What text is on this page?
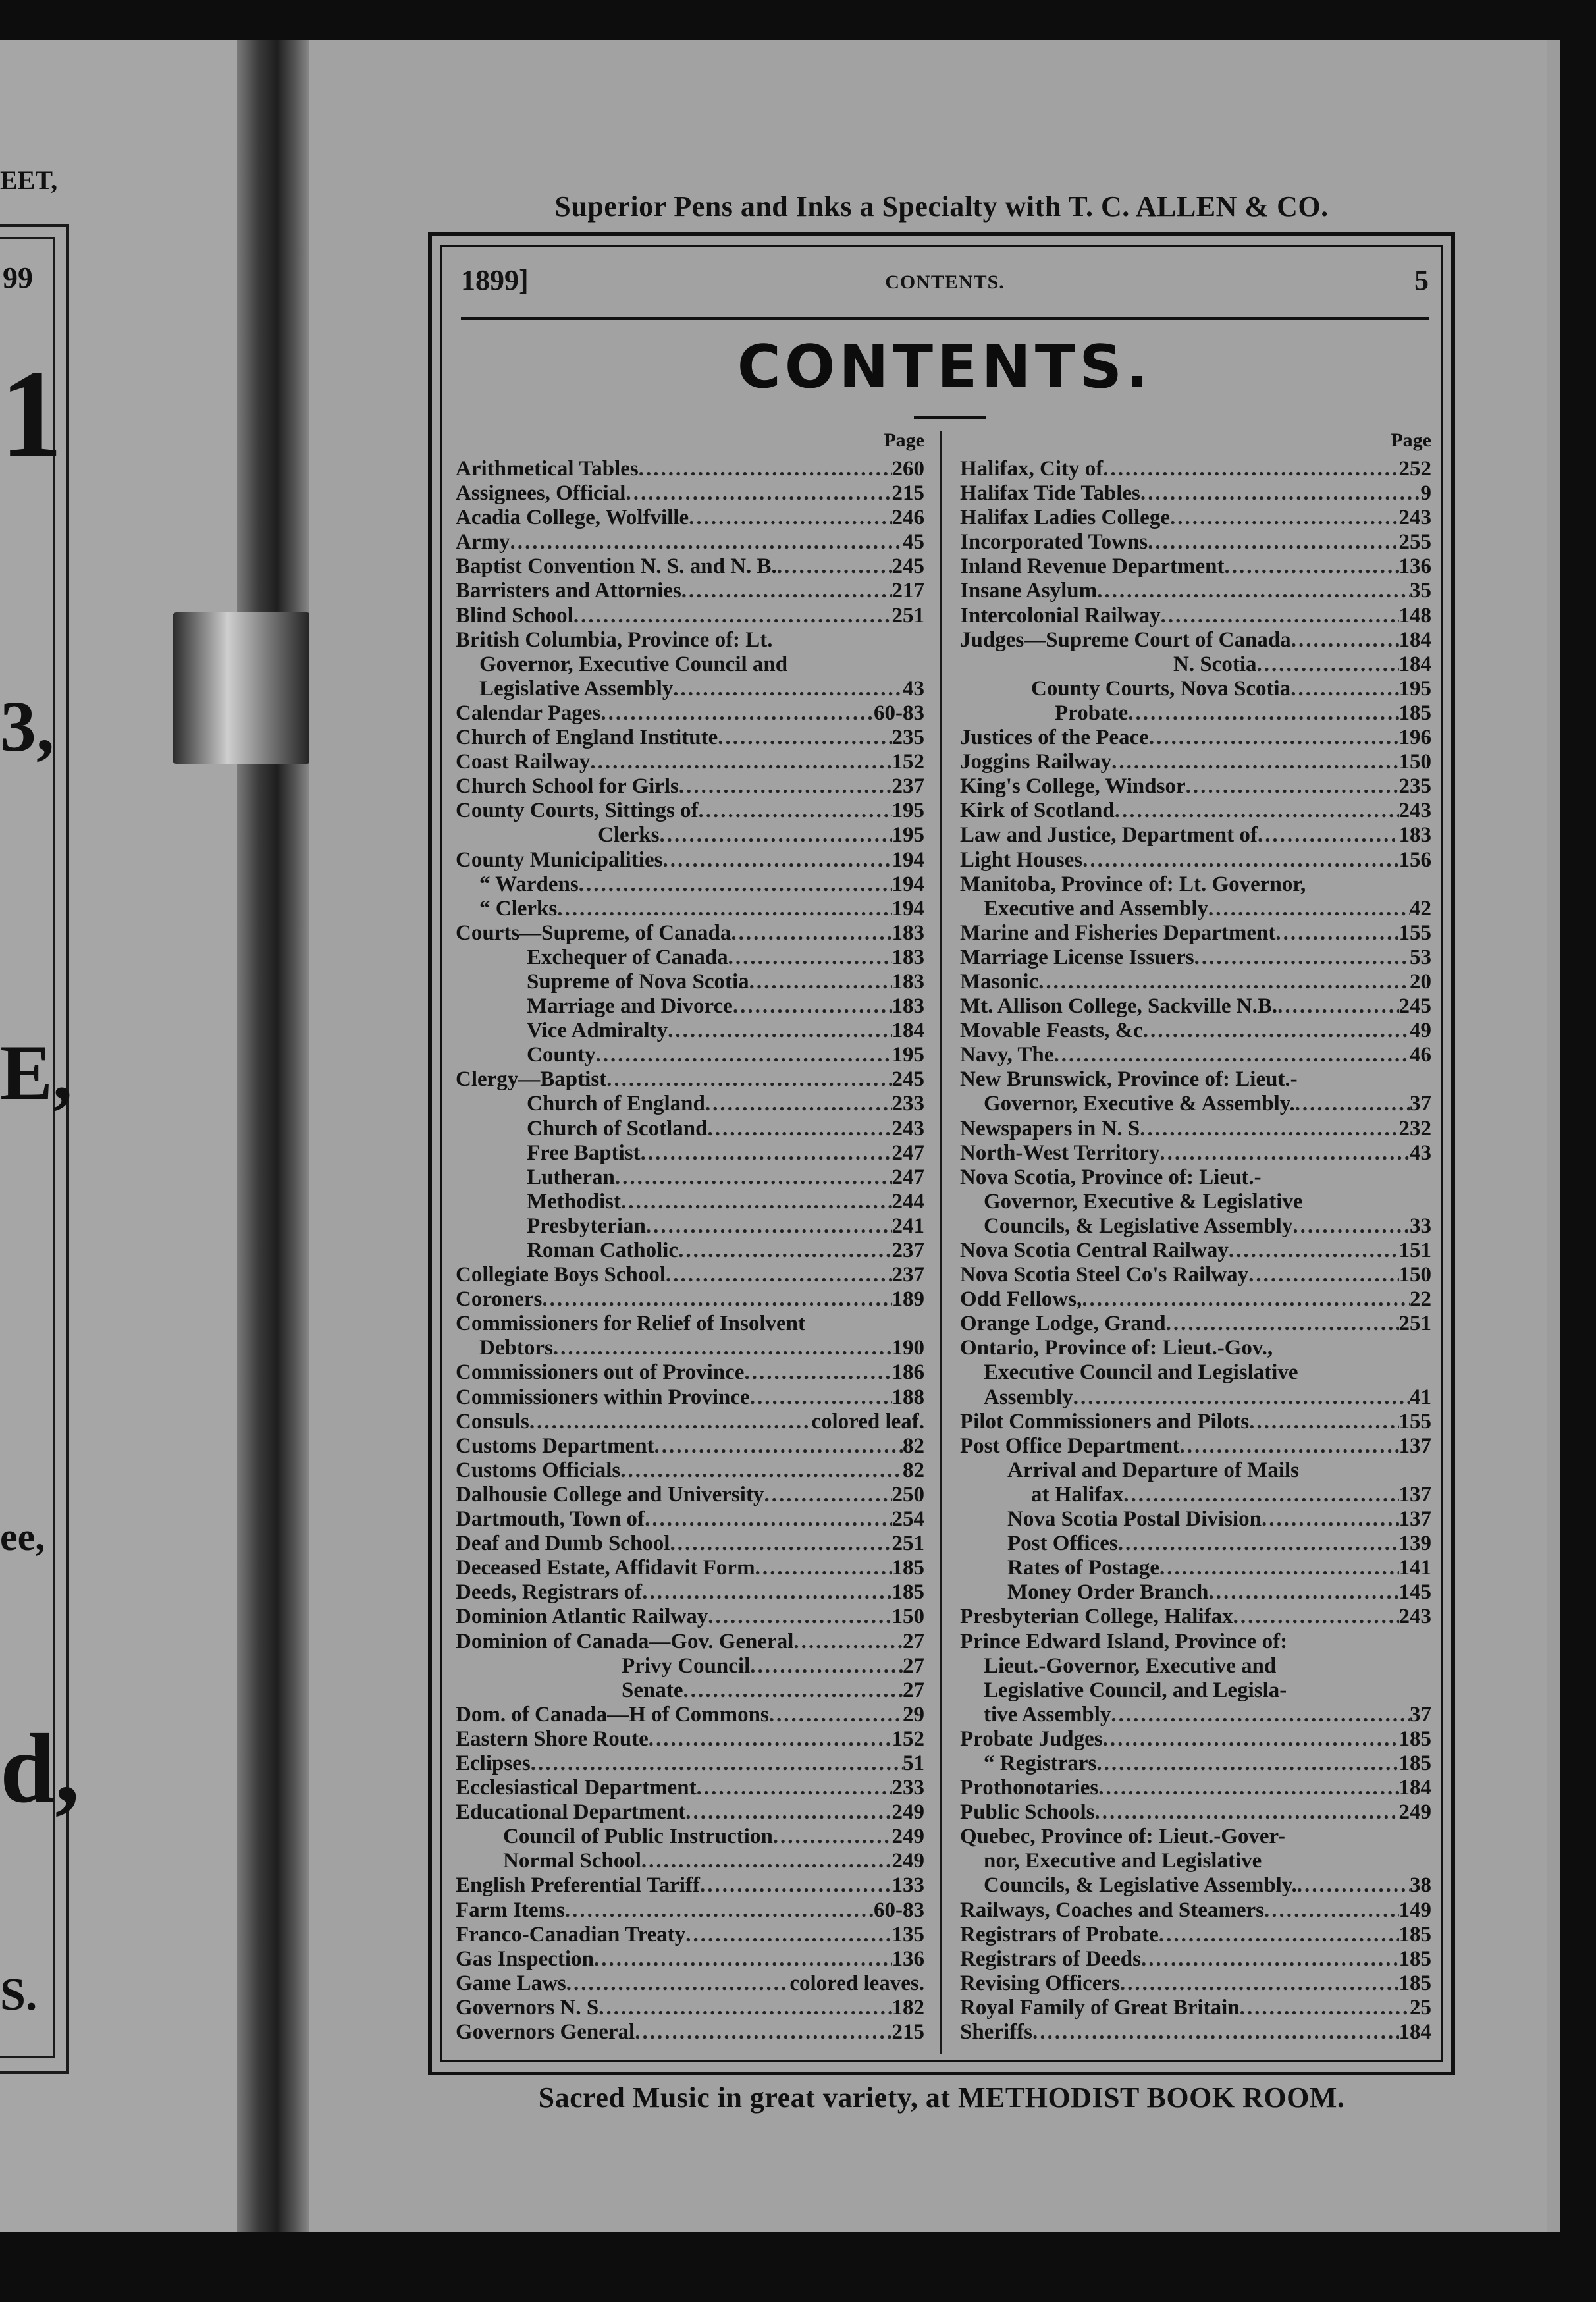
EET,
99
1
3,
E,
ee,
d,
S.
Superior Pens and Inks a Specialty with T. C. ALLEN & CO.
1899]	CONTENTS.	5
CONTENTS.
Page
Arithmetical Tables .....	260
Assignees, Official .....	215
Acadia College, Wolfville .....	246
Army .....	45
Baptist Convention N. S. and N. B. .....	245
Barristers and Attornies .....	217
Blind School .....	251
British Columbia, Province of: Lt.
Governor, Executive Council and
Legislative Assembly .....	43
Calendar Pages .....	60-83
Church of England Institute .....	235
Coast Railway .....	152
Church School for Girls .....	237
County Courts, Sittings of .....	195
Clerks .....	195
County Municipalities .....	194
“ Wardens .....	194
“ Clerks .....	194
Courts—Supreme, of Canada .....	183
Exchequer of Canada .....	183
Supreme of Nova Scotia .....	183
Marriage and Divorce .....	183
Vice Admiralty .....	184
County .....	195
Clergy—Baptist .....	245
Church of England .....	233
Church of Scotland .....	243
Free Baptist .....	247
Lutheran .....	247
Methodist .....	244
Presbyterian .....	241
Roman Catholic .....	237
Collegiate Boys School .....	237
Coroners .....	189
Commissioners for Relief of Insolvent
Debtors .....	190
Commissioners out of Province .....	186
Commissioners within Province .....	188
Consuls .....	colored leaf.
Customs Department .....	82
Customs Officials .....	82
Dalhousie College and University .....	250
Dartmouth, Town of .....	254
Deaf and Dumb School .....	251
Deceased Estate, Affidavit Form .....	185
Deeds, Registrars of .....	185
Dominion Atlantic Railway .....	150
Dominion of Canada—Gov. General .....	27
Privy Council .....	27
Senate .....	27
Dom. of Canada—H of Commons .....	29
Eastern Shore Route .....	152
Eclipses .....	51
Ecclesiastical Department .....	233
Educational Department .....	249
Council of Public Instruction .....	249
Normal School .....	249
English Preferential Tariff .....	133
Farm Items .....	60-83
Franco-Canadian Treaty .....	135
Gas Inspection .....	136
Game Laws .....	colored leaves.
Governors N. S .....	182
Governors General .....	215
Page
Halifax, City of .....	252
Halifax Tide Tables .....	9
Halifax Ladies College .....	243
Incorporated Towns .....	255
Inland Revenue Department .....	136
Insane Asylum .....	35
Intercolonial Railway .....	148
Judges—Supreme Court of Canada .....	184
N. Scotia .....	184
County Courts, Nova Scotia .....	195
Probate .....	185
Justices of the Peace .....	196
Joggins Railway .....	150
King's College, Windsor .....	235
Kirk of Scotland .....	243
Law and Justice, Department of .....	183
Light Houses .....	156
Manitoba, Province of: Lt. Governor,
Executive and Assembly .....	42
Marine and Fisheries Department .....	155
Marriage License Issuers .....	53
Masonic .....	20
Mt. Allison College, Sackville N.B. .....	245
Movable Feasts, &c .....	49
Navy, The .....	46
New Brunswick, Province of: Lieut.-
Governor, Executive & Assembly. .....	37
Newspapers in N. S .....	232
North-West Territory .....	43
Nova Scotia, Province of: Lieut.-
Governor, Executive & Legislative
Councils, & Legislative Assembly .....	33
Nova Scotia Central Railway .....	151
Nova Scotia Steel Co's Railway .....	150
Odd Fellows, .....	22
Orange Lodge, Grand .....	251
Ontario, Province of: Lieut.-Gov.,
Executive Council and Legislative
Assembly .....	41
Pilot Commissioners and Pilots .....	155
Post Office Department .....	137
Arrival and Departure of Mails
at Halifax .....	137
Nova Scotia Postal Division .....	137
Post Offices .....	139
Rates of Postage .....	141
Money Order Branch .....	145
Presbyterian College, Halifax .....	243
Prince Edward Island, Province of:
Lieut.-Governor, Executive and
Legislative Council, and Legisla-
tive Assembly .....	37
Probate Judges .....	185
“ Registrars .....	185
Prothonotaries .....	184
Public Schools .....	249
Quebec, Province of: Lieut.-Gover-
nor, Executive and Legislative
Councils, & Legislative Assembly. .....	38
Railways, Coaches and Steamers .....	149
Registrars of Probate .....	185
Registrars of Deeds .....	185
Revising Officers .....	185
Royal Family of Great Britain .....	25
Sheriffs .....	184
Sacred Music in great variety, at METHODIST BOOK ROOM.
